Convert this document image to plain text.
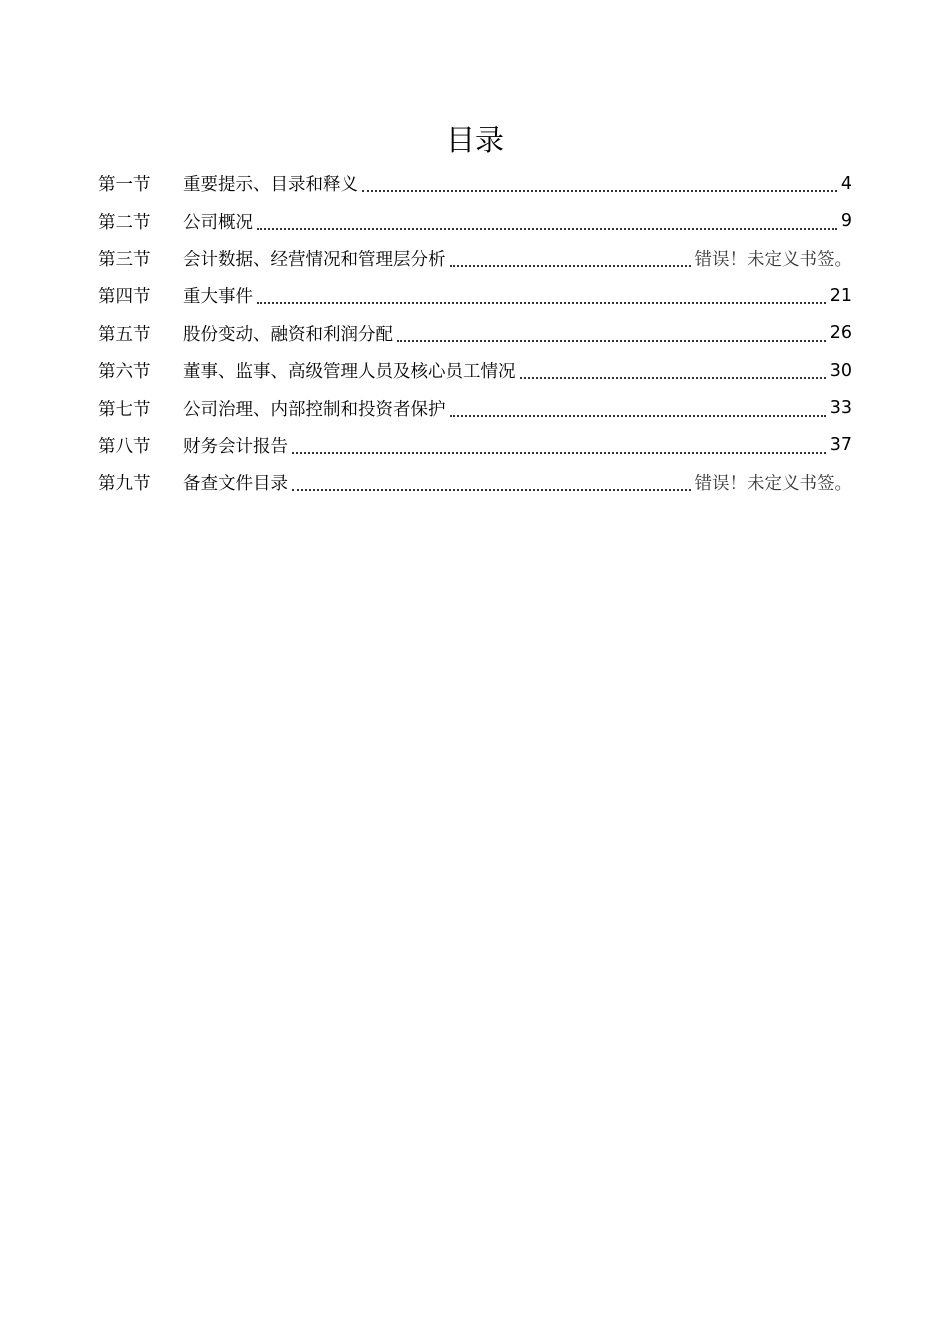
目录
第一节	重要提示、目录和释义	4
第二节	公司概况	9
第三节	会计数据、经营情况和管理层分析	错误！未定义书签。
第四节	重大事件	21
第五节	股份变动、融资和利润分配	26
第六节	董事、监事、高级管理人员及核心员工情况	30
第七节	公司治理、内部控制和投资者保护	33
第八节	财务会计报告	37
第九节	备查文件目录	错误！未定义书签。
